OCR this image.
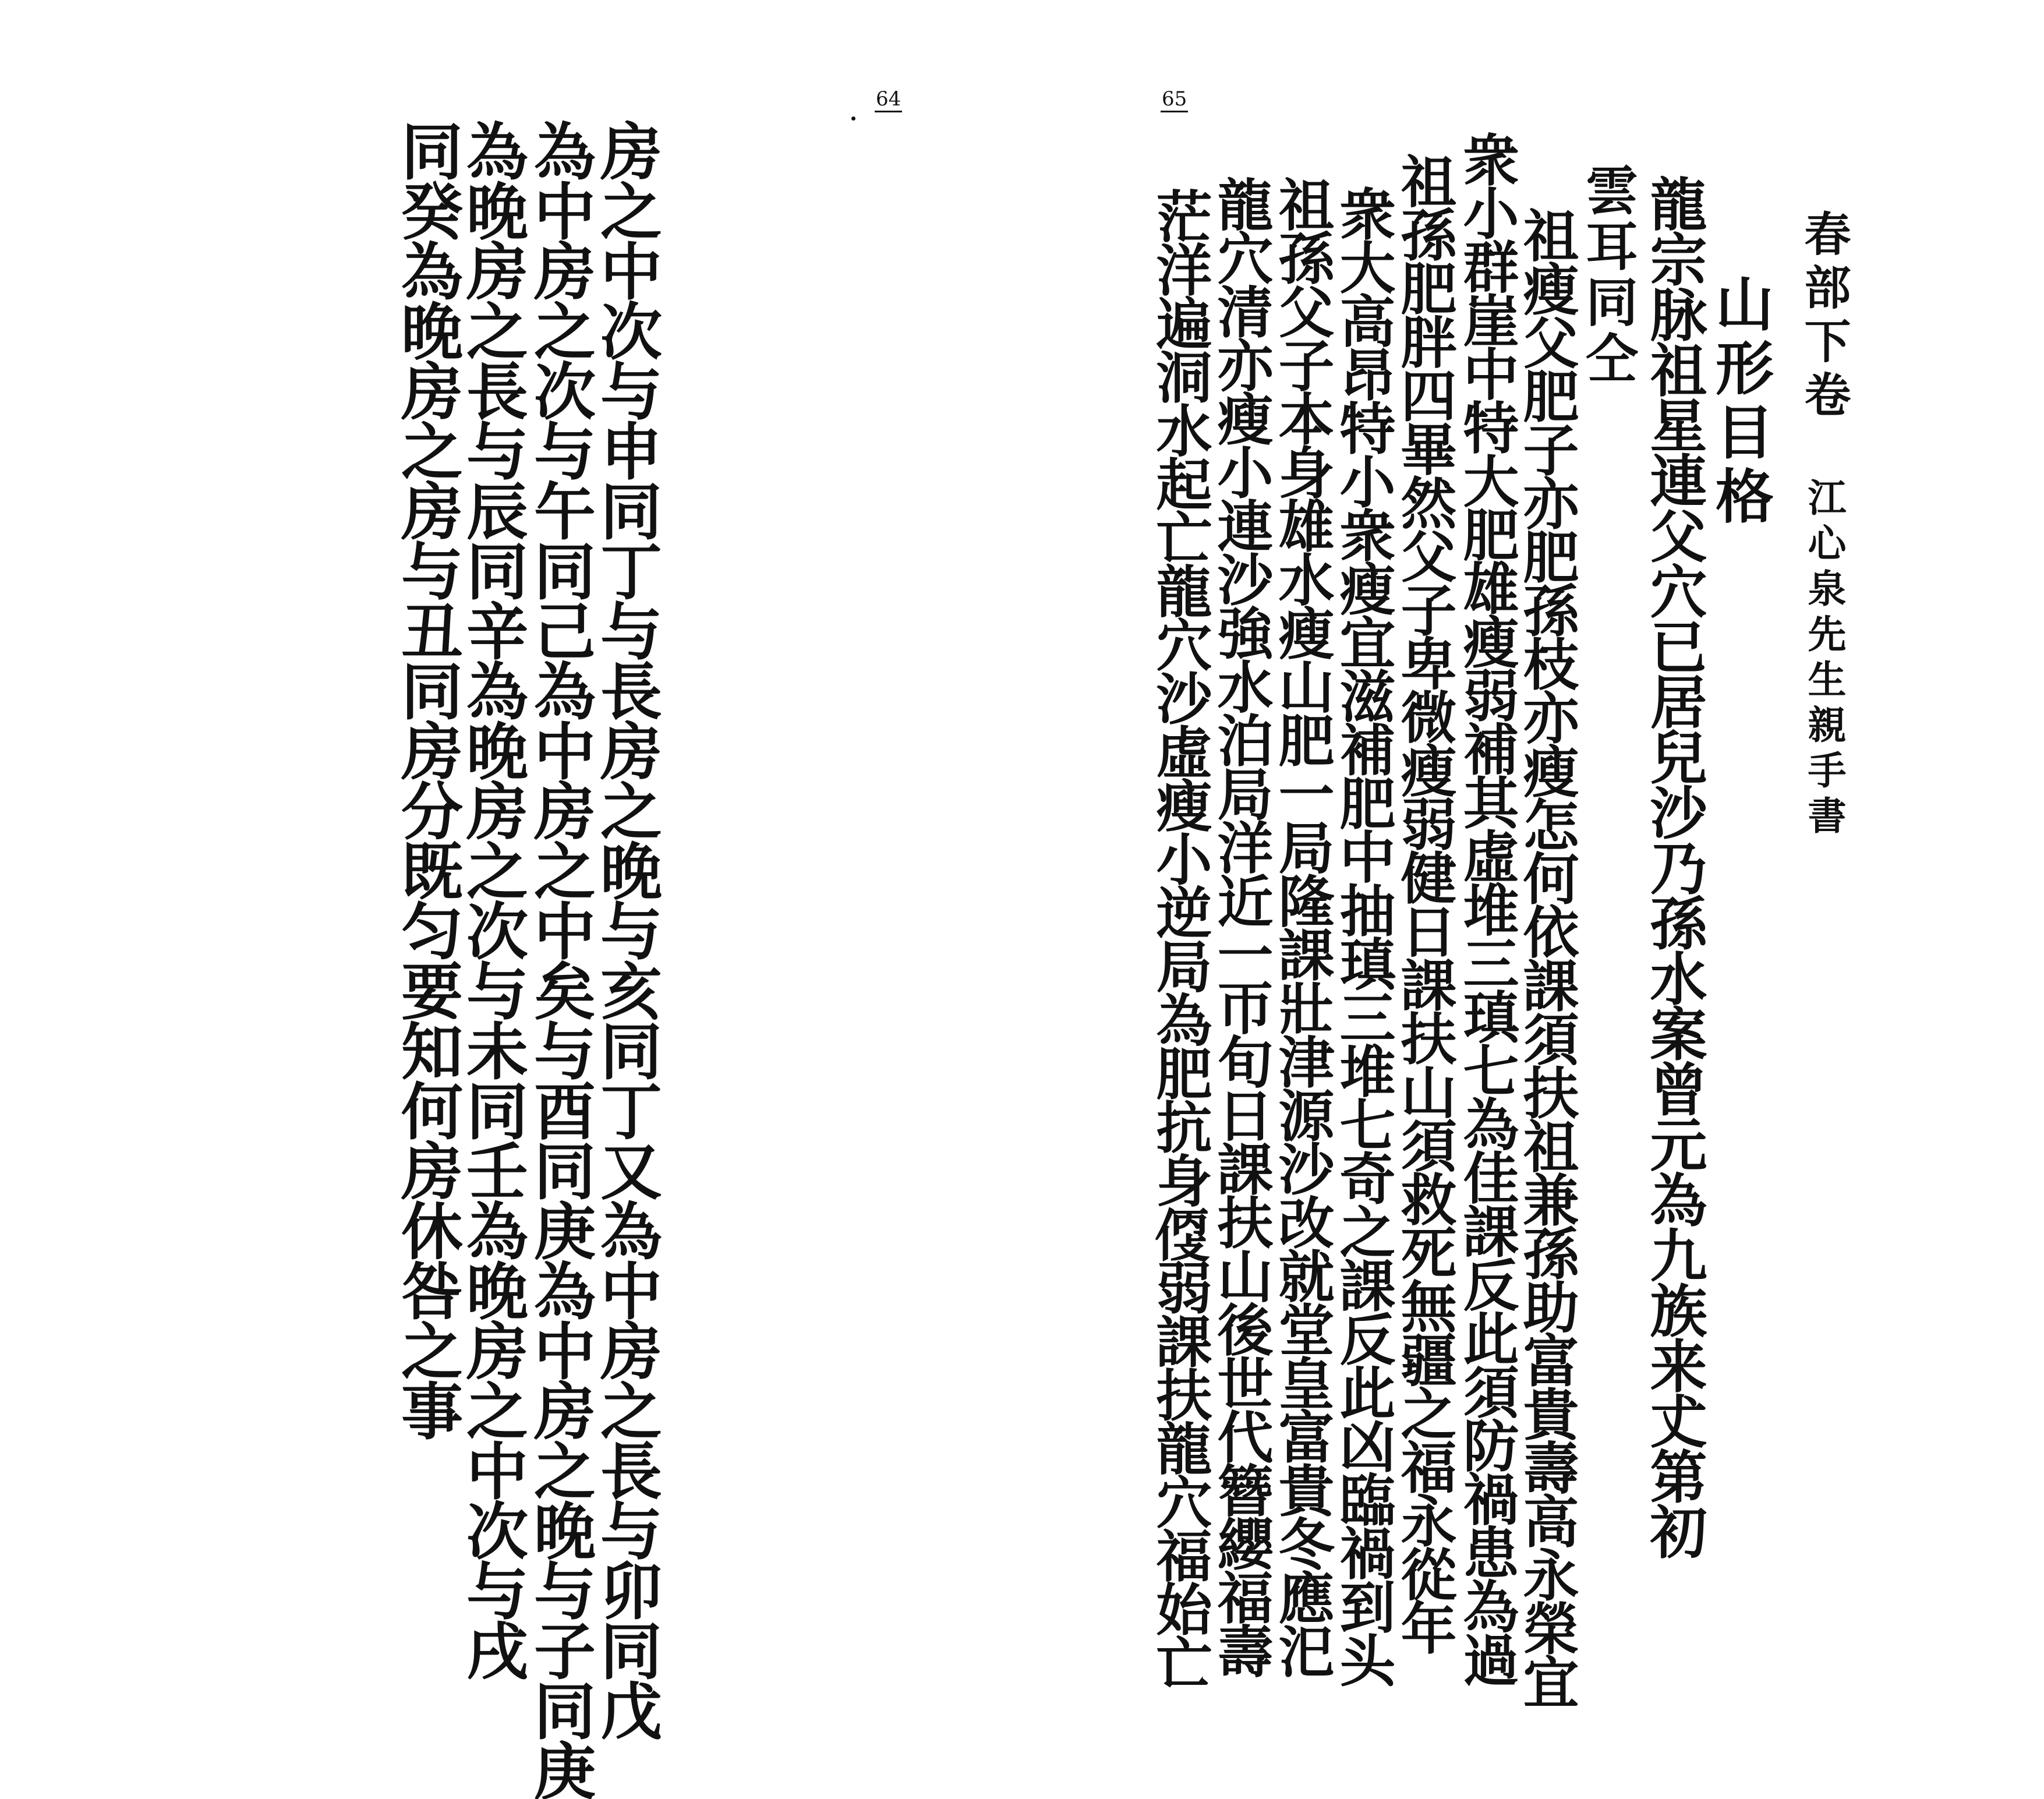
64
房之中次与申同丁与長房之晚与亥同丁又為中房之長与卯同戊
為中房之次与午同己為中房之中矣与酉同庚為中房之晚与子同庚
為晚房之長与辰同辛為晚房之次与未同壬為晚房之中次与戌
同癸為晚房之房与丑同房分既匀要知何房休咎之事
65
春部下卷　江心泉先生親手書
山形目格
龍宗脉祖星連父穴已居兒沙乃孫水案曾元為九族来𠀋第初
雲耳同仝
祖瘦父肥子亦肥孫枝亦瘦怎何依課須扶祖兼孫助富貴壽高永榮宜
衆小群崖中特大肥雄瘦弱補其虛堆三瑱七為佳課反此須防禍患為過
祖孫肥胖四畢然父子卑微瘦弱健日課扶山須救死無疆之福永從年
衆大高昂特小衆瘦宜滋補肥中抽瑱三堆七奇之課反此凶臨禍到头
祖孫父子本身雄水瘦山肥一局隆課壯津源沙改就堂皇富貴冬應汜
龍穴清亦瘦小連沙強水泊局洋近一帀旬日課扶山後世代簪纓福壽
茫洋遍洞水起亡龍穴沙虛瘦小逆局為肥抗身𠊳弱課扶龍穴福始亡
